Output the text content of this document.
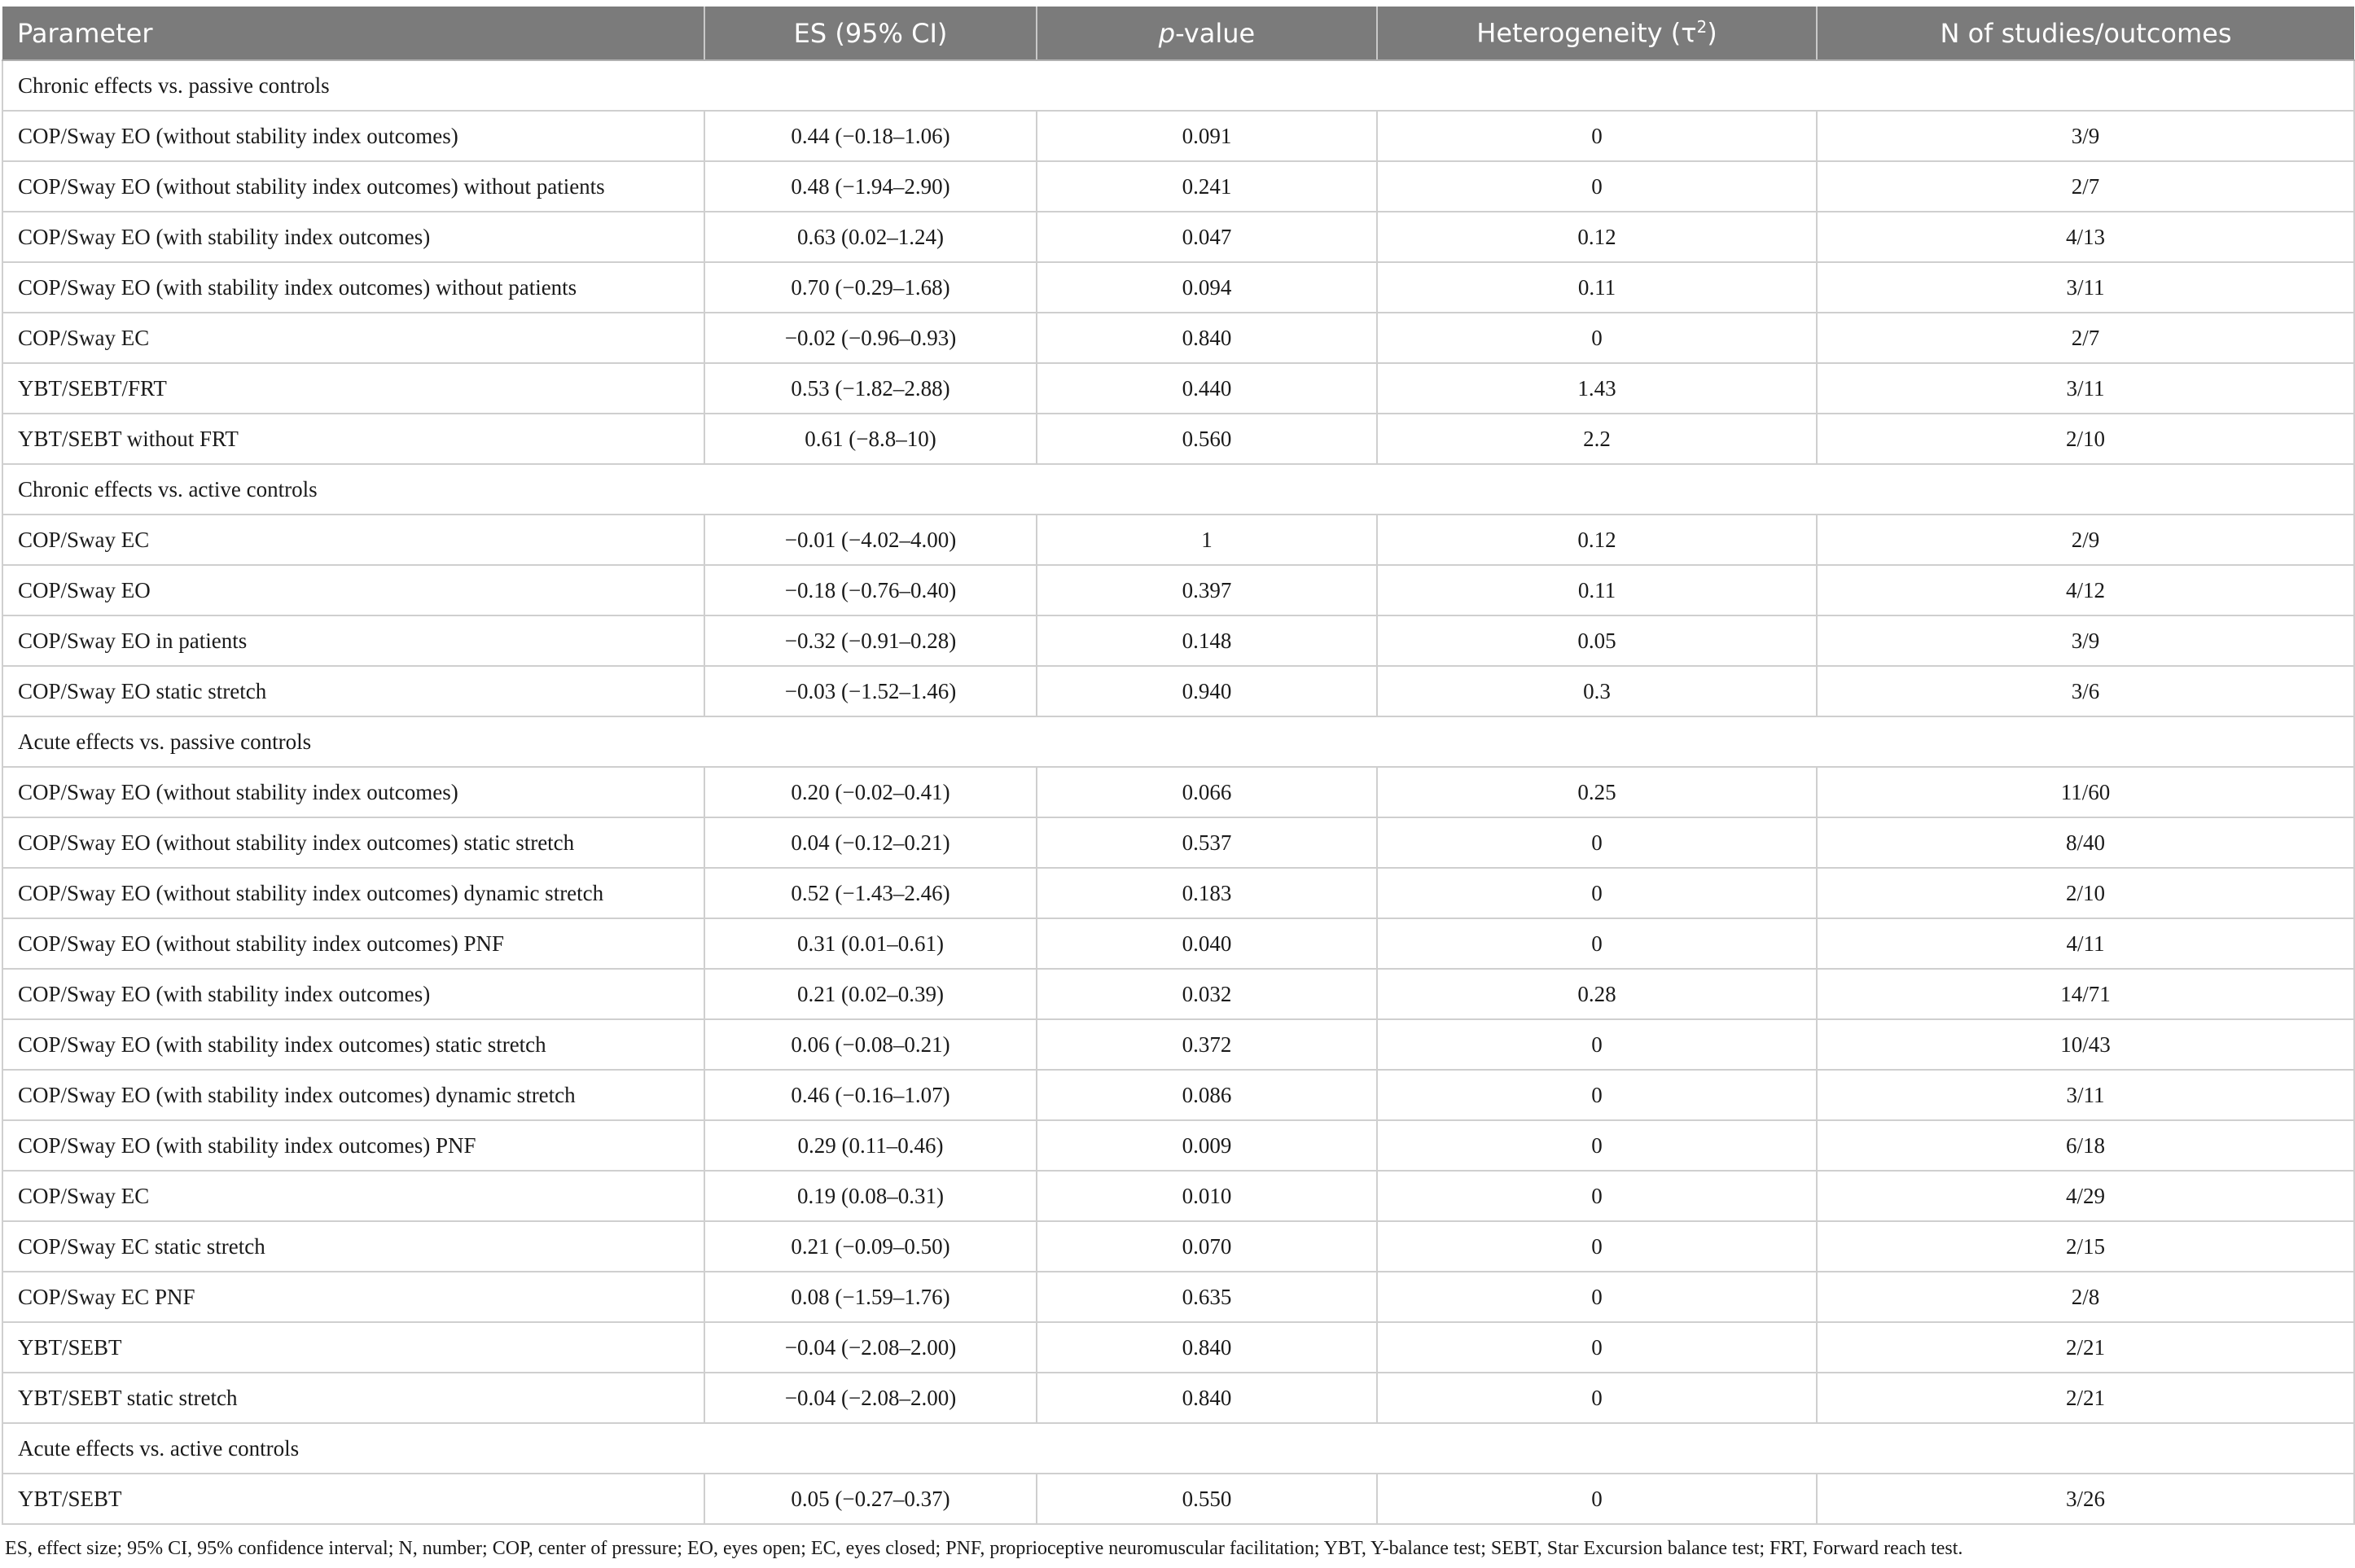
Parameter	ES (95% CI)	p-value	Heterogeneity $(\tau^2)$	N of studies/outcomes
Chronic effects vs. passive controls				
COP/Sway EO (without stability index outcomes)	0.44 (−0.18–1.06)	0.091	0	3/9
COP/Sway EO (without stability index outcomes) without patients	0.48 (−1.94–2.90)	0.241	0	2/7
COP/Sway EO (with stability index outcomes)	0.63 (0.02–1.24)	0.047	0.12	4/13
COP/Sway EO (with stability index outcomes) without patients	0.70 (−0.29–1.68)	0.094	0.11	3/11
COP/Sway EC	−0.02 (−0.96–0.93)	0.840	0	2/7
YBT/SEBT/FRT	0.53 (−1.82–2.88)	0.440	1.43	3/11
YBT/SEBT without FRT	0.61 (−8.8–10)	0.560	2.2	2/10
Chronic effects vs. active controls				
COP/Sway EC	−0.01 (−4.02–4.00)	1	0.12	2/9
COP/Sway EO	−0.18 (−0.76–0.40)	0.397	0.11	4/12
COP/Sway EO in patients	−0.32 (−0.91–0.28)	0.148	0.05	3/9
COP/Sway EO static stretch	−0.03 (−1.52–1.46)	0.940	0.3	3/6
Acute effects vs. passive controls				
COP/Sway EO (without stability index outcomes)	0.20 (−0.02–0.41)	0.066	0.25	11/60
COP/Sway EO (without stability index outcomes) static stretch	0.04 (−0.12–0.21)	0.537	0	8/40
COP/Sway EO (without stability index outcomes) dynamic stretch	0.52 (−1.43–2.46)	0.183	0	2/10
COP/Sway EO (without stability index outcomes) PNF	0.31 (0.01–0.61)	0.040	0	4/11
COP/Sway EO (with stability index outcomes)	0.21 (0.02–0.39)	0.032	0.28	14/71
COP/Sway EO (with stability index outcomes) static stretch	0.06 (−0.08–0.21)	0.372	0	10/43
COP/Sway EO (with stability index outcomes) dynamic stretch	0.46 (−0.16–1.07)	0.086	0	3/11
COP/Sway EO (with stability index outcomes) PNF	0.29 (0.11–0.46)	0.009	0	6/18
COP/Sway EC	0.19 (0.08–0.31)	0.010	0	4/29
COP/Sway EC static stretch	0.21 (−0.09–0.50)	0.070	0	2/15
COP/Sway EC PNF	0.08 (−1.59–1.76)	0.635	0	2/8
YBT/SEBT	−0.04 (−2.08–2.00)	0.840	0	2/21
YBT/SEBT static stretch	−0.04 (−2.08–2.00)	0.840	0	2/21
Acute effects vs. active controls				
YBT/SEBT	0.05 (−0.27–0.37)	0.550	0	3/26
ES, effect size; 95% CI, 95% confidence interval; N, number; COP, center of pressure; EO, eyes open; EC, eyes closed; PNF, proprioceptive neuromuscular facilitation; YBT, Y-balance test; SEBT, Star Excursion balance test; FRT, Forward reach test.
